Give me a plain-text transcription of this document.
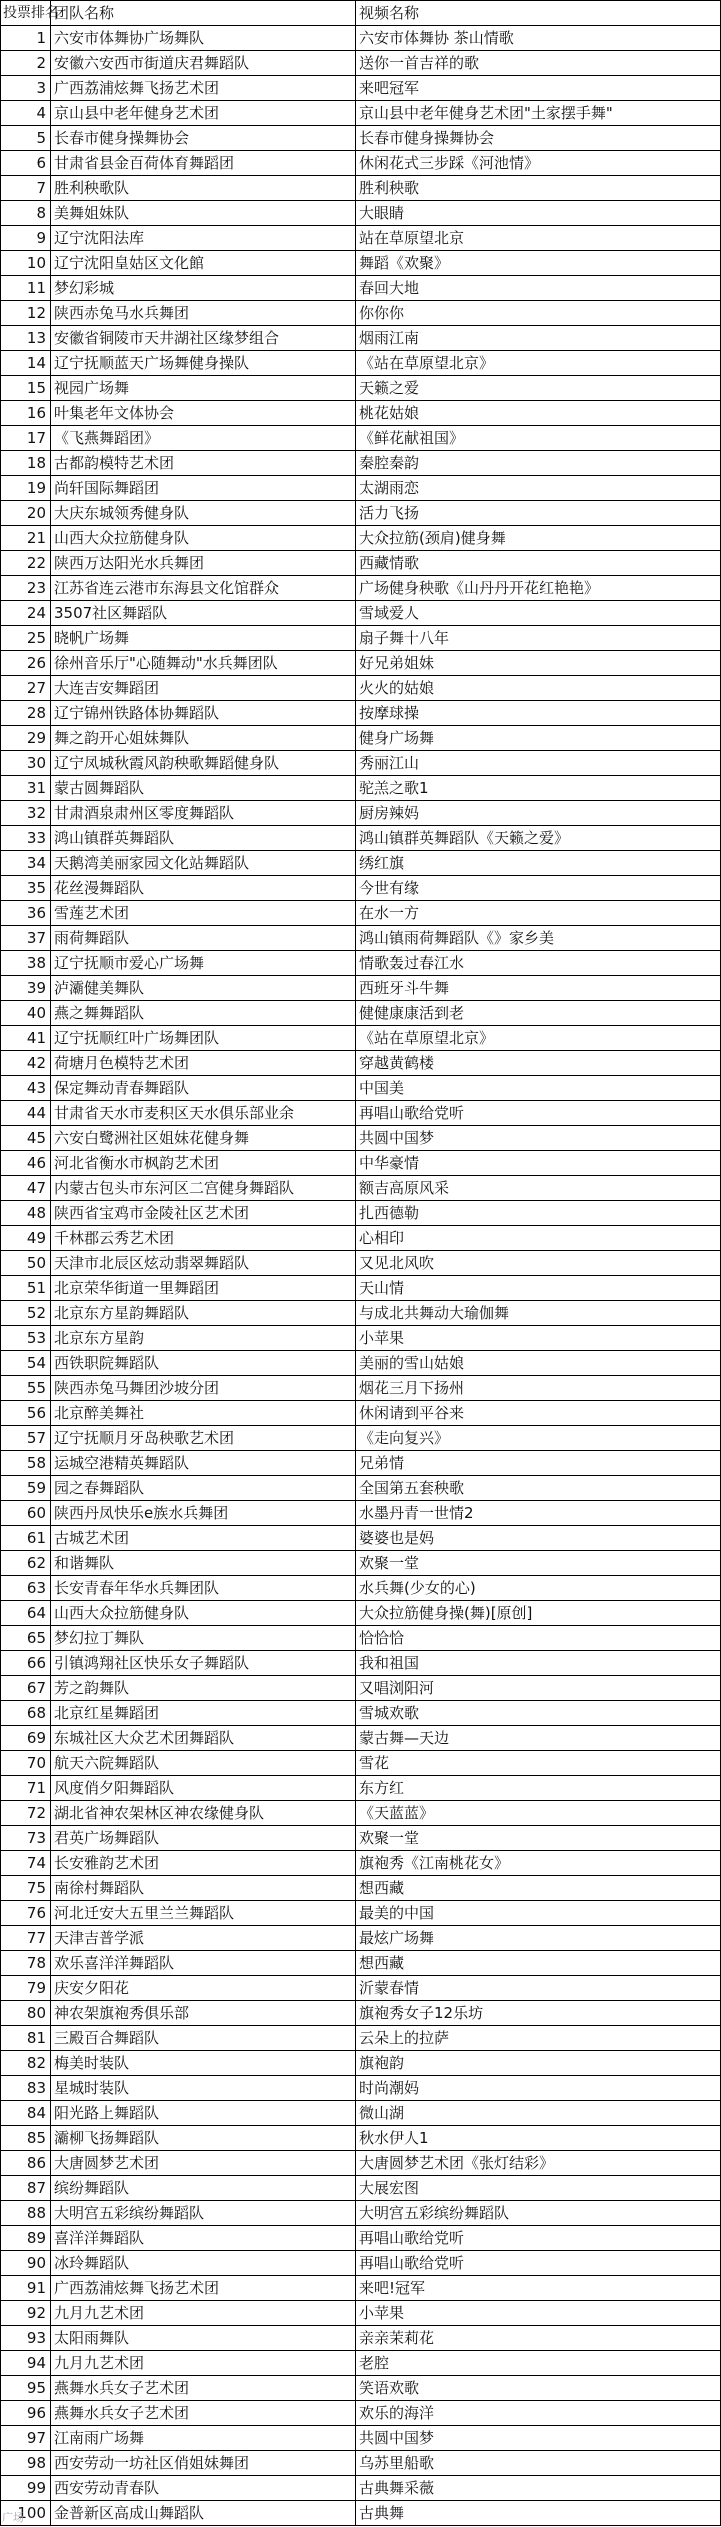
投票排名	团队名称	视频名称
1	六安市体舞协广场舞队	六安市体舞协 茶山情歌
2	安徽六安西市街道庆君舞蹈队	送你一首吉祥的歌
3	广西荔浦炫舞飞扬艺术团	来吧冠军
4	京山县中老年健身艺术团	京山县中老年健身艺术团"土家摆手舞"
5	长春市健身操舞协会	长春市健身操舞协会
6	甘肃省县金百荷体育舞蹈团	休闲花式三步踩《河池情》
7	胜利秧歌队	胜利秧歌
8	美舞姐妹队	大眼睛
9	辽宁沈阳法库	站在草原望北京
10	辽宁沈阳皇姑区文化館	舞蹈《欢聚》
11	梦幻彩城	春回大地
12	陕西赤兔马水兵舞团	你你你
13	安徽省铜陵市天井湖社区缘梦组合	烟雨江南
14	辽宁抚顺蓝天广场舞健身操队	《站在草原望北京》
15	视园广场舞	天籁之爱
16	叶集老年文体协会	桃花姑娘
17	《飞燕舞蹈团》	《鲜花献祖国》
18	古都韵模特艺术团	秦腔秦韵
19	尚轩国际舞蹈团	太湖雨恋
20	大庆东城领秀健身队	活力飞扬
21	山西大众拉筋健身队	大众拉筋(颈肩)健身舞
22	陕西万达阳光水兵舞团	西藏情歌
23	江苏省连云港市东海县文化馆群众	广场健身秧歌《山丹丹开花红艳艳》
24	3507社区舞蹈队	雪域爱人
25	晓帆广场舞	扇子舞十八年
26	徐州音乐厅"心随舞动"水兵舞团队	好兄弟姐妹
27	大连吉安舞蹈团	火火的姑娘
28	辽宁锦州铁路体协舞蹈队	按摩球操
29	舞之韵开心姐妹舞队	健身广场舞
30	辽宁凤城秋霞风韵秧歌舞蹈健身队	秀丽江山
31	蒙古圆舞蹈队	驼羔之歌1
32	甘肃酒泉肃州区零度舞蹈队	厨房辣妈
33	鸿山镇群英舞蹈队	鸿山镇群英舞蹈队《天籁之爱》
34	天鹅湾美丽家园文化站舞蹈队	绣红旗
35	花丝漫舞蹈队	今世有缘
36	雪莲艺术团	在水一方
37	雨荷舞蹈队	鸿山镇雨荷舞蹈队《》家乡美
38	辽宁抚顺市爱心广场舞	情歌轰过春江水
39	泸灞健美舞队	西班牙斗牛舞
40	燕之舞舞蹈队	健健康康活到老
41	辽宁抚顺红叶广场舞团队	《站在草原望北京》
42	荷塘月色模特艺术团	穿越黄鹤楼
43	保定舞动青春舞蹈队	中国美
44	甘肃省天水市麦积区天水俱乐部业余	再唱山歌给党听
45	六安白鹭洲社区姐妹花健身舞	共圆中国梦
46	河北省衡水市枫韵艺术团	中华豪情
47	内蒙古包头市东河区二宫健身舞蹈队	额吉高原风采
48	陕西省宝鸡市金陵社区艺术团	扎西德勒
49	千林郡云秀艺术团	心相印
50	天津市北辰区炫动翡翠舞蹈队	又见北风吹
51	北京荣华街道一里舞蹈团	天山情
52	北京东方星韵舞蹈队	与成北共舞动大瑜伽舞
53	北京东方星韵	小苹果
54	西铁职院舞蹈队	美丽的雪山姑娘
55	陕西赤兔马舞团沙坡分团	烟花三月下扬州
56	北京醉美舞社	休闲请到平谷来
57	辽宁抚顺月牙岛秧歌艺术团	《走向复兴》
58	运城空港精英舞蹈队	兄弟情
59	园之春舞蹈队	全国第五套秧歌
60	陕西丹凤快乐e族水兵舞团	水墨丹青一世情2
61	古城艺术团	婆婆也是妈
62	和谐舞队	欢聚一堂
63	长安青春年华水兵舞团队	水兵舞(少女的心)
64	山西大众拉筋健身队	大众拉筋健身操(舞)[原创]
65	梦幻拉丁舞队	恰恰恰
66	引镇鸿翔社区快乐女子舞蹈队	我和祖国
67	芳之韵舞队	又唱浏阳河
68	北京红星舞蹈团	雪城欢歌
69	东城社区大众艺术团舞蹈队	蒙古舞—天边
70	航天六院舞蹈队	雪花
71	风度俏夕阳舞蹈队	东方红
72	湖北省神农架林区神农缘健身队	《天蓝蓝》
73	君英广场舞蹈队	欢聚一堂
74	长安雅韵艺术团	旗袍秀《江南桃花女》
75	南徐村舞蹈队	想西藏
76	河北迁安大五里兰兰舞蹈队	最美的中国
77	天津吉普学派	最炫广场舞
78	欢乐喜洋洋舞蹈队	想西藏
79	庆安夕阳花	沂蒙春情
80	神农架旗袍秀俱乐部	旗袍秀女子12乐坊
81	三殿百合舞蹈队	云朵上的拉萨
82	梅美时装队	旗袍韵
83	星城时装队	时尚潮妈
84	阳光路上舞蹈队	微山湖
85	灞柳飞扬舞蹈队	秋水伊人1
86	大唐圆梦艺术团	大唐圆梦艺术团《张灯结彩》
87	缤纷舞蹈队	大展宏图
88	大明宫五彩缤纷舞蹈队	大明宫五彩缤纷舞蹈队
89	喜洋洋舞蹈队	再唱山歌给党听
90	冰玲舞蹈队	再唱山歌给党听
91	广西荔浦炫舞飞扬艺术团	来吧!冠军
92	九月九艺术团	小苹果
93	太阳雨舞队	亲亲茉莉花
94	九月九艺术团	老腔
95	燕舞水兵女子艺术团	笑语欢歌
96	燕舞水兵女子艺术团	欢乐的海洋
97	江南雨广场舞	共圆中国梦
98	西安劳动一坊社区俏姐妹舞团	乌苏里船歌
99	西安劳动青春队	古典舞采薇
100	金普新区高成山舞蹈队	古典舞
广场
